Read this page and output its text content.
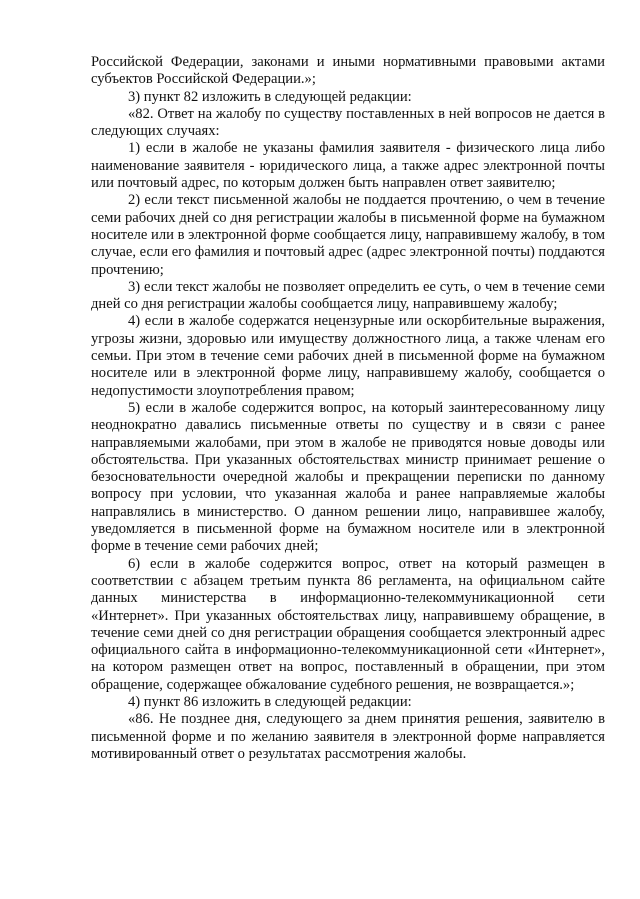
Российской Федерации, законами и иными нормативными правовыми актами субъектов Российской Федерации.»;

3) пункт 82 изложить в следующей редакции:

«82. Ответ на жалобу по существу поставленных в ней вопросов не дается в следующих случаях:

1) если в жалобе не указаны фамилия заявителя - физического лица либо наименование заявителя - юридического лица, а также адрес электронной почты или почтовый адрес, по которым должен быть направлен ответ заявителю;

2) если текст письменной жалобы не поддается прочтению, о чем в течение семи рабочих дней со дня регистрации жалобы в письменной форме на бумажном носителе или в электронной форме сообщается лицу, направившему жалобу, в том случае, если его фамилия и почтовый адрес (адрес электронной почты) поддаются прочтению;

3) если текст жалобы не позволяет определить ее суть, о чем в течение семи дней со дня регистрации жалобы сообщается лицу, направившему жалобу;

4) если в жалобе содержатся нецензурные или оскорбительные выражения, угрозы жизни, здоровью или имуществу должностного лица, а также членам его семьи. При этом в течение семи рабочих дней в письменной форме на бумажном носителе или в электронной форме лицу, направившему жалобу, сообщается о недопустимости злоупотребления правом;

5) если в жалобе содержится вопрос, на который заинтересованному лицу неоднократно давались письменные ответы по существу и в связи с ранее направляемыми жалобами, при этом в жалобе не приводятся новые доводы или обстоятельства. При указанных обстоятельствах министр принимает решение о безосновательности очередной жалобы и прекращении переписки по данному вопросу при условии, что указанная жалоба и ранее направляемые жалобы направлялись в министерство. О данном решении лицо, направившее жалобу, уведомляется в письменной форме на бумажном носителе или в электронной форме в течение семи рабочих дней;

6) если в жалобе содержится вопрос, ответ на который размещен в соответствии с абзацем третьим пункта 86 регламента, на официальном сайте данных министерства в информационно-телекоммуникационной сети «Интернет». При указанных обстоятельствах лицу, направившему обращение, в течение семи дней со дня регистрации обращения сообщается электронный адрес официального сайта в информационно-телекоммуникационной сети «Интернет», на котором размещен ответ на вопрос, поставленный в обращении, при этом обращение, содержащее обжалование судебного решения, не возвращается.»;

4) пункт 86 изложить в следующей редакции:

«86. Не позднее дня, следующего за днем принятия решения, заявителю в письменной форме и по желанию заявителя в электронной форме направляется мотивированный ответ о результатах рассмотрения жалобы.
